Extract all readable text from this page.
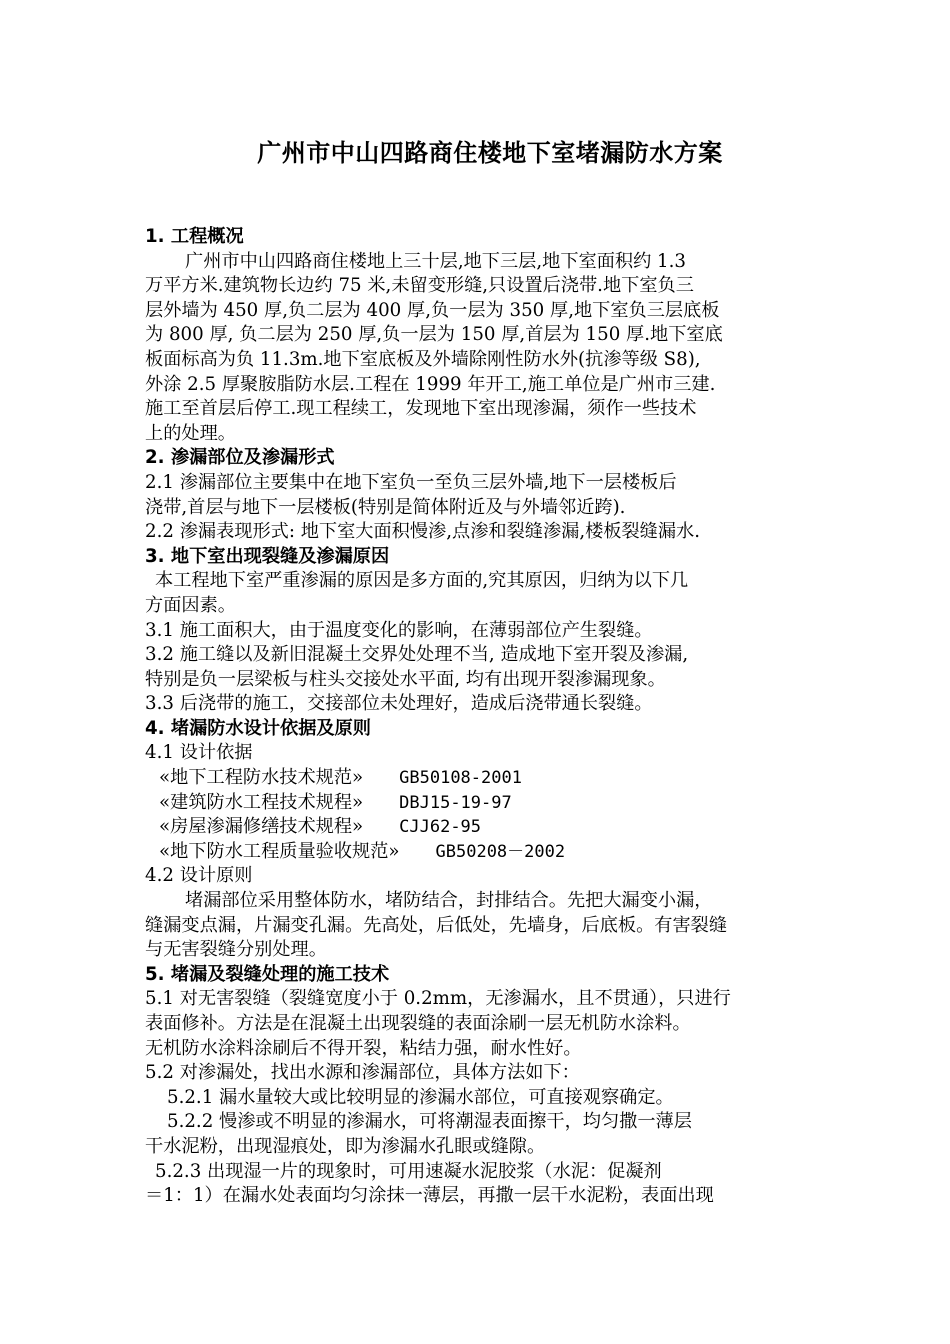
广州市中山四路商住楼地下室堵漏防水方案
1. 工程概况
广州市中山四路商住楼地上三十层,地下三层,地下室面积约 1.3
万平方米.建筑物长边约 75 米,未留变形缝,只设置后浇带.地下室负三
层外墙为 450 厚,负二层为 400 厚,负一层为 350 厚,地下室负三层底板
为 800 厚, 负二层为 250 厚,负一层为 150 厚,首层为 150 厚.地下室底
板面标高为负 11.3m.地下室底板及外墙除刚性防水外(抗渗等级 S8),
外涂 2.5 厚聚胺脂防水层.工程在 1999 年开工,施工单位是广州市三建.
施工至首层后停工.现工程续工，发现地下室出现渗漏，须作一些技术
上的处理。
2. 渗漏部位及渗漏形式
2.1 渗漏部位主要集中在地下室负一至负三层外墙,地下一层楼板后
浇带,首层与地下一层楼板(特别是简体附近及与外墙邻近跨).
2.2 渗漏表现形式: 地下室大面积慢渗,点渗和裂缝渗漏,楼板裂缝漏水.
3. 地下室出现裂缝及渗漏原因
本工程地下室严重渗漏的原因是多方面的,究其原因，归纳为以下几
方面因素。
3.1 施工面积大，由于温度变化的影响，在薄弱部位产生裂缝。
3.2 施工缝以及新旧混凝土交界处处理不当, 造成地下室开裂及渗漏,
特别是负一层梁板与柱头交接处水平面, 均有出现开裂渗漏现象。
3.3 后浇带的施工，交接部位未处理好，造成后浇带通长裂缝。
4. 堵漏防水设计依据及原则
4.1 设计依据
«地下工程防水技术规范» GB50108-2001
«建筑防水工程技术规程» DBJ15-19-97
«房屋渗漏修缮技术规程» CJJ62-95
«地下防水工程质量验收规范» GB50208－2002
4.2 设计原则
堵漏部位采用整体防水，堵防结合，封排结合。先把大漏变小漏，
缝漏变点漏，片漏变孔漏。先高处，后低处，先墙身，后底板。有害裂缝
与无害裂缝分别处理。
5. 堵漏及裂缝处理的施工技术
5.1 对无害裂缝（裂缝宽度小于 0.2mm，无渗漏水，且不贯通），只进行
表面修补。方法是在混凝土出现裂缝的表面涂刷一层无机防水涂料。
无机防水涂料涂刷后不得开裂，粘结力强，耐水性好。
5.2 对渗漏处，找出水源和渗漏部位，具体方法如下：
5.2.1 漏水量较大或比较明显的渗漏水部位，可直接观察确定。
5.2.2 慢渗或不明显的渗漏水，可将潮湿表面擦干，均匀撒一薄层
干水泥粉，出现湿痕处，即为渗漏水孔眼或缝隙。
5.2.3 出现湿一片的现象时，可用速凝水泥胶浆（水泥：促凝剂
＝1：1）在漏水处表面均匀涂抹一薄层，再撒一层干水泥粉，表面出现
